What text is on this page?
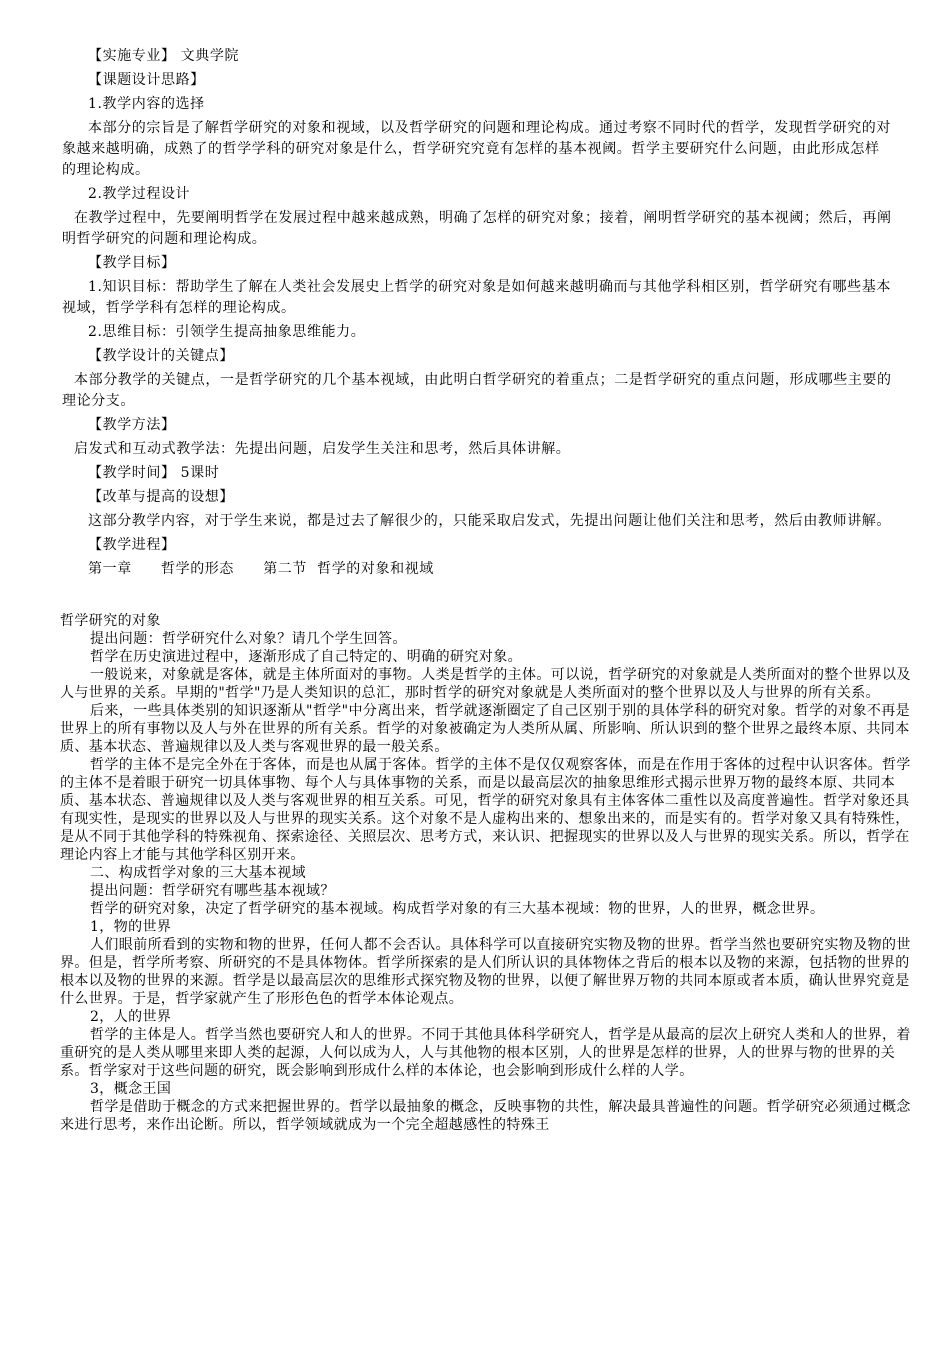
【实施专业】 文典学院

【课题设计思路】

1.教学内容的选择

本部分的宗旨是了解哲学研究的对象和视域，以及哲学研究的问题和理论构成。通过考察不同时代的哲学，发现哲学研究的对象越来越明确，成熟了的哲学学科的研究对象是什么，哲学研究究竟有怎样的基本视阈。哲学主要研究什么问题，由此形成怎样的理论构成。

2.教学过程设计

在教学过程中，先要阐明哲学在发展过程中越来越成熟，明确了怎样的研究对象；接着，阐明哲学研究的基本视阈；然后，再阐明哲学研究的问题和理论构成。

【教学目标】

1.知识目标：帮助学生了解在人类社会发展史上哲学的研究对象是如何越来越明确而与其他学科相区别，哲学研究有哪些基本视域，哲学学科有怎样的理论构成。

2.思维目标：引领学生提高抽象思维能力。

【教学设计的关键点】

本部分教学的关键点，一是哲学研究的几个基本视域，由此明白哲学研究的着重点；二是哲学研究的重点问题，形成哪些主要的理论分支。

【教学方法】

启发式和互动式教学法：先提出问题，启发学生关注和思考，然后具体讲解。

【教学时间】 5课时

【改革与提高的设想】

这部分教学内容，对于学生来说，都是过去了解很少的，只能采取启发式，先提出问题让他们关注和思考，然后由教师讲解。

【教学进程】

第一章　　哲学的形态　　第二节  哲学的对象和视域

哲学研究的对象

提出问题：哲学研究什么对象？请几个学生回答。

哲学在历史演进过程中，逐渐形成了自己特定的、明确的研究对象。

一般说来，对象就是客体，就是主体所面对的事物。人类是哲学的主体。可以说，哲学研究的对象就是人类所面对的整个世界以及人与世界的关系。早期的"哲学"乃是人类知识的总汇，那时哲学的研究对象就是人类所面对的整个世界以及人与世界的所有关系。

后来，一些具体类别的知识逐渐从"哲学"中分离出来，哲学就逐渐圈定了自己区别于别的具体学科的研究对象。哲学的对象不再是世界上的所有事物以及人与外在世界的所有关系。哲学的对象被确定为人类所从属、所影响、所认识到的整个世界之最终本原、共同本质、基本状态、普遍规律以及人类与客观世界的最一般关系。

哲学的主体不是完全外在于客体，而是也从属于客体。哲学的主体不是仅仅观察客体，而是在作用于客体的过程中认识客体。哲学的主体不是着眼于研究一切具体事物、每个人与具体事物的关系，而是以最高层次的抽象思维形式揭示世界万物的最终本原、共同本质、基本状态、普遍规律以及人类与客观世界的相互关系。可见，哲学的研究对象具有主体客体二重性以及高度普遍性。哲学对象还具有现实性，是现实的世界以及人与世界的现实关系。这个对象不是人虚构出来的、想象出来的，而是实有的。哲学对象又具有特殊性，是从不同于其他学科的特殊视角、探索途径、关照层次、思考方式，来认识、把握现实的世界以及人与世界的现实关系。所以，哲学在理论内容上才能与其他学科区别开来。

二、构成哲学对象的三大基本视域

提出问题：哲学研究有哪些基本视域？

哲学的研究对象，决定了哲学研究的基本视域。构成哲学对象的有三大基本视域：物的世界，人的世界，概念世界。

1，物的世界

人们眼前所看到的实物和物的世界，任何人都不会否认。具体科学可以直接研究实物及物的世界。哲学当然也要研究实物及物的世界。但是，哲学所考察、所研究的不是具体物体。哲学所探索的是人们所认识的具体物体之背后的根本以及物的来源，包括物的世界的根本以及物的世界的来源。哲学是以最高层次的思维形式探究物及物的世界，以便了解世界万物的共同本原或者本质，确认世界究竟是什么世界。于是，哲学家就产生了形形色色的哲学本体论观点。

2，人的世界

哲学的主体是人。哲学当然也要研究人和人的世界。不同于其他具体科学研究人，哲学是从最高的层次上研究人类和人的世界，着重研究的是人类从哪里来即人类的起源，人何以成为人，人与其他物的根本区别，人的世界是怎样的世界，人的世界与物的世界的关系。哲学家对于这些问题的研究，既会影响到形成什么样的本体论，也会影响到形成什么样的人学。

3，概念王国

哲学是借助于概念的方式来把握世界的。哲学以最抽象的概念，反映事物的共性，解决最具普遍性的问题。哲学研究必须通过概念来进行思考，来作出论断。所以，哲学领域就成为一个完全超越感性的特殊王
